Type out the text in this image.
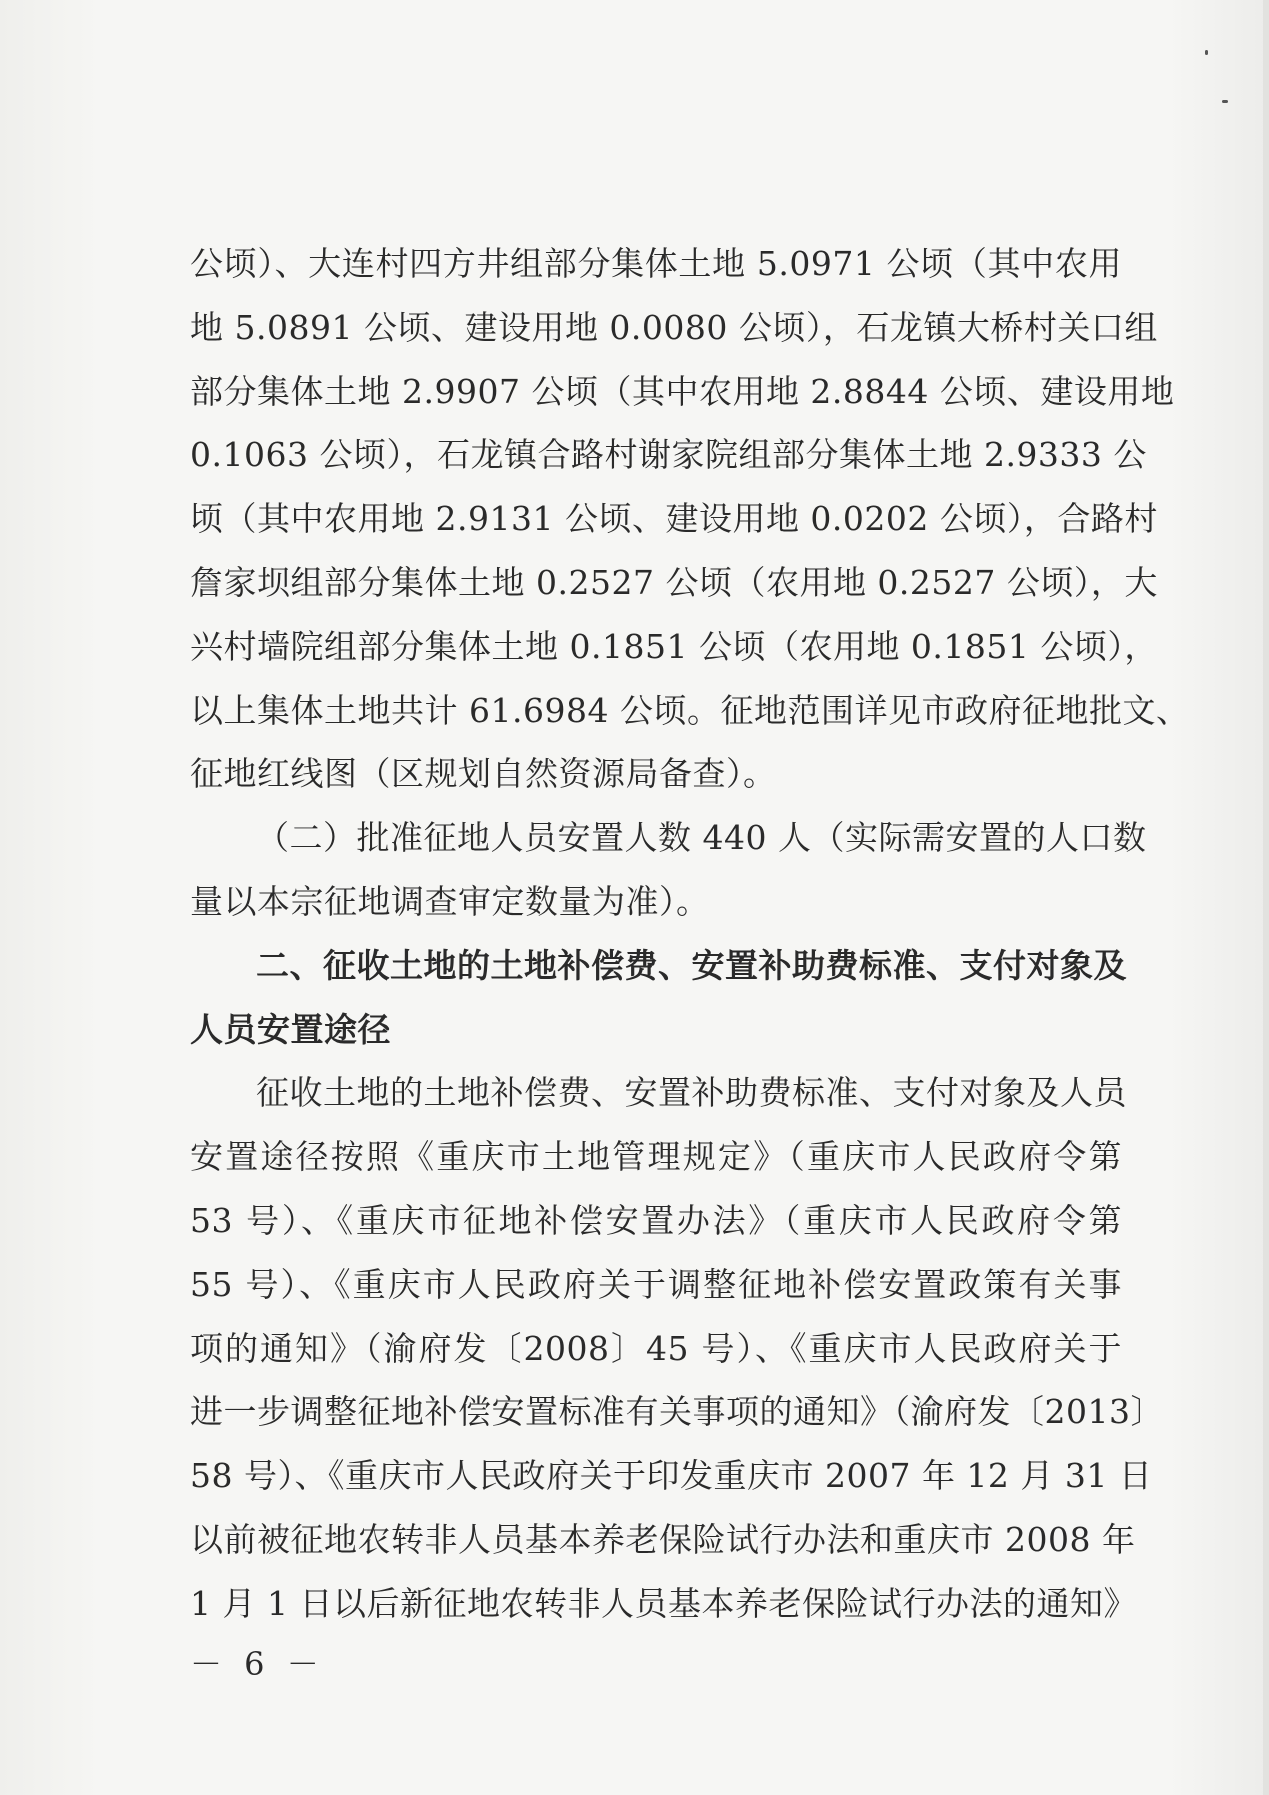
公顷）、大连村四方井组部分集体土地 5.0971 公顷（其中农用
地 5.0891 公顷、建设用地 0.0080 公顷），石龙镇大桥村关口组
部分集体土地 2.9907 公顷（其中农用地 2.8844 公顷、建设用地
0.1063 公顷），石龙镇合路村谢家院组部分集体土地 2.9333 公
顷（其中农用地 2.9131 公顷、建设用地 0.0202 公顷），合路村
詹家坝组部分集体土地 0.2527 公顷（农用地 0.2527 公顷），大
兴村墙院组部分集体土地 0.1851 公顷（农用地 0.1851 公顷），
以上集体土地共计 61.6984 公顷。征地范围详见市政府征地批文、
征地红线图（区规划自然资源局备查）。
（二）批准征地人员安置人数 440 人（实际需安置的人口数
量以本宗征地调查审定数量为准）。
二、征收土地的土地补偿费、安置补助费标准、支付对象及
人员安置途径
征收土地的土地补偿费、安置补助费标准、支付对象及人员
安置途径按照《重庆市土地管理规定》（重庆市人民政府令第
53 号）、《重庆市征地补偿安置办法》（重庆市人民政府令第
55 号）、《重庆市人民政府关于调整征地补偿安置政策有关事
项的通知》（渝府发〔2008〕45 号）、《重庆市人民政府关于
进一步调整征地补偿安置标准有关事项的通知》（渝府发〔2013〕
58 号）、《重庆市人民政府关于印发重庆市 2007 年 12 月 31 日
以前被征地农转非人员基本养老保险试行办法和重庆市 2008 年
1 月 1 日以后新征地农转非人员基本养老保险试行办法的通知》
－ 6 －
